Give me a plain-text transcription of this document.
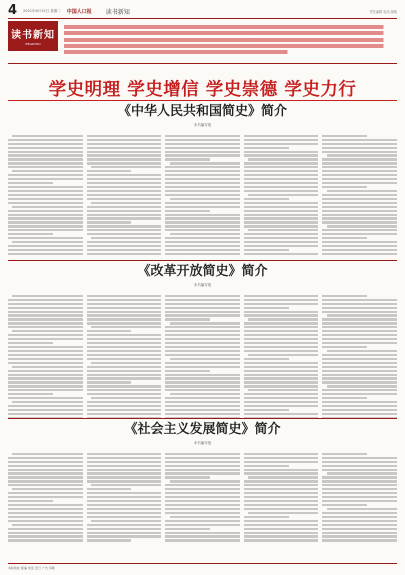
4 2021年6月15日 星期二 中国人口报 读书新知	责任编辑 电话 邮箱
读书新知
READING
学史明理 学史增信 学史崇德 学史力行
《中华人民共和国简史》简介
本书编写组
《改革开放简史》简介
本书编写组
《社会主义发展简史》简介
本书编写组
本版地址 邮编 电话 发行 广告 印刷
